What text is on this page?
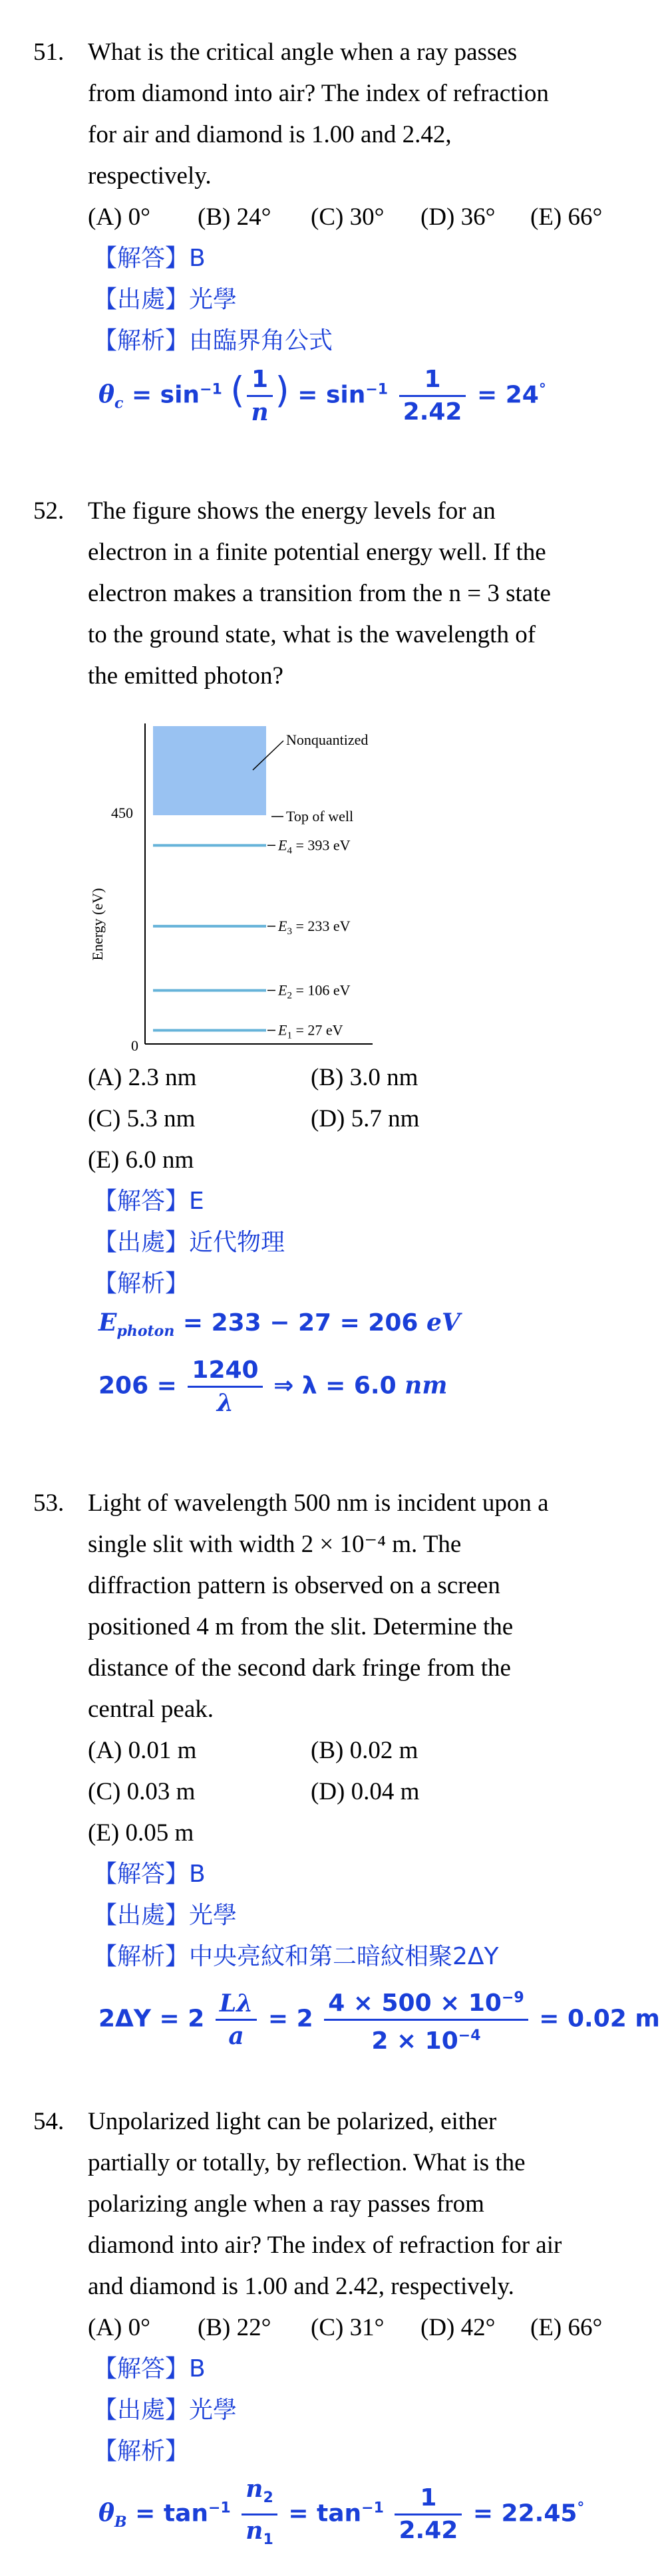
51. What is the critical angle when a ray passes

from diamond into air? The index of refraction

for air and diamond is 1.00 and 2.42,

respectively.

(A) 0° (B) 24° (C) 30° (D) 36° (E) 66°
【解答】B
【出處】光學
【解析】由臨界角公式
$\theta_c = \sin^{-1}$ ( $\frac{1}{n}$ ) = $\sin^{-1} \frac{1}{2.42} = 24^\circ$
52. The figure shows the energy levels for an

electron in a finite potential energy well. If the

electron makes a transition from the n = 3 state

to the ground state, what is the wavelength of

the emitted photon?

Energy (eV)
450
0
Nonquantized
Top of well
$E_4 = 393$ eV
$E_3 = 233$ eV
$E_2 = 106$ eV
$E_1 = 27$ eV
(A) 2.3 nm	(B) 3.0 nm
(C) 5.3 nm	(D) 5.7 nm
(E) 6.0 nm
【解答】E
【出處】近代物理
【解析】
$E_{photon} = 233 - 27 = 206$ eV
$206 = \frac{1240}{\lambda}$ ⇒ λ = 6.0 nm
53. Light of wavelength 500 nm is incident upon a

single slit with width 2 × 10⁻⁴ m. The

diffraction pattern is observed on a screen

positioned 4 m from the slit. Determine the

distance of the second dark fringe from the

central peak.

(A) 0.01 m	(B) 0.02 m
(C) 0.03 m	(D) 0.04 m
(E) 0.05 m
【解答】B
【出處】光學
【解析】中央亮紋和第二暗紋相聚2ΔY
$2\Delta Y = 2 \frac{L\lambda}{a} = 2 \frac{4 \times 500 \times 10^{-9}}{2 \times 10^{-4}} = 0.02$ m
54. Unpolarized light can be polarized, either

partially or totally, by reflection. What is the

polarizing angle when a ray passes from

diamond into air? The index of refraction for air

and diamond is 1.00 and 2.42, respectively.

(A) 0° (B) 22° (C) 31° (D) 42° (E) 66°
【解答】B
【出處】光學
【解析】
$\theta_B = \tan^{-1} \frac{n_2}{n_1} = \tan^{-1} \frac{1}{2.42} = 22.45^\circ$
